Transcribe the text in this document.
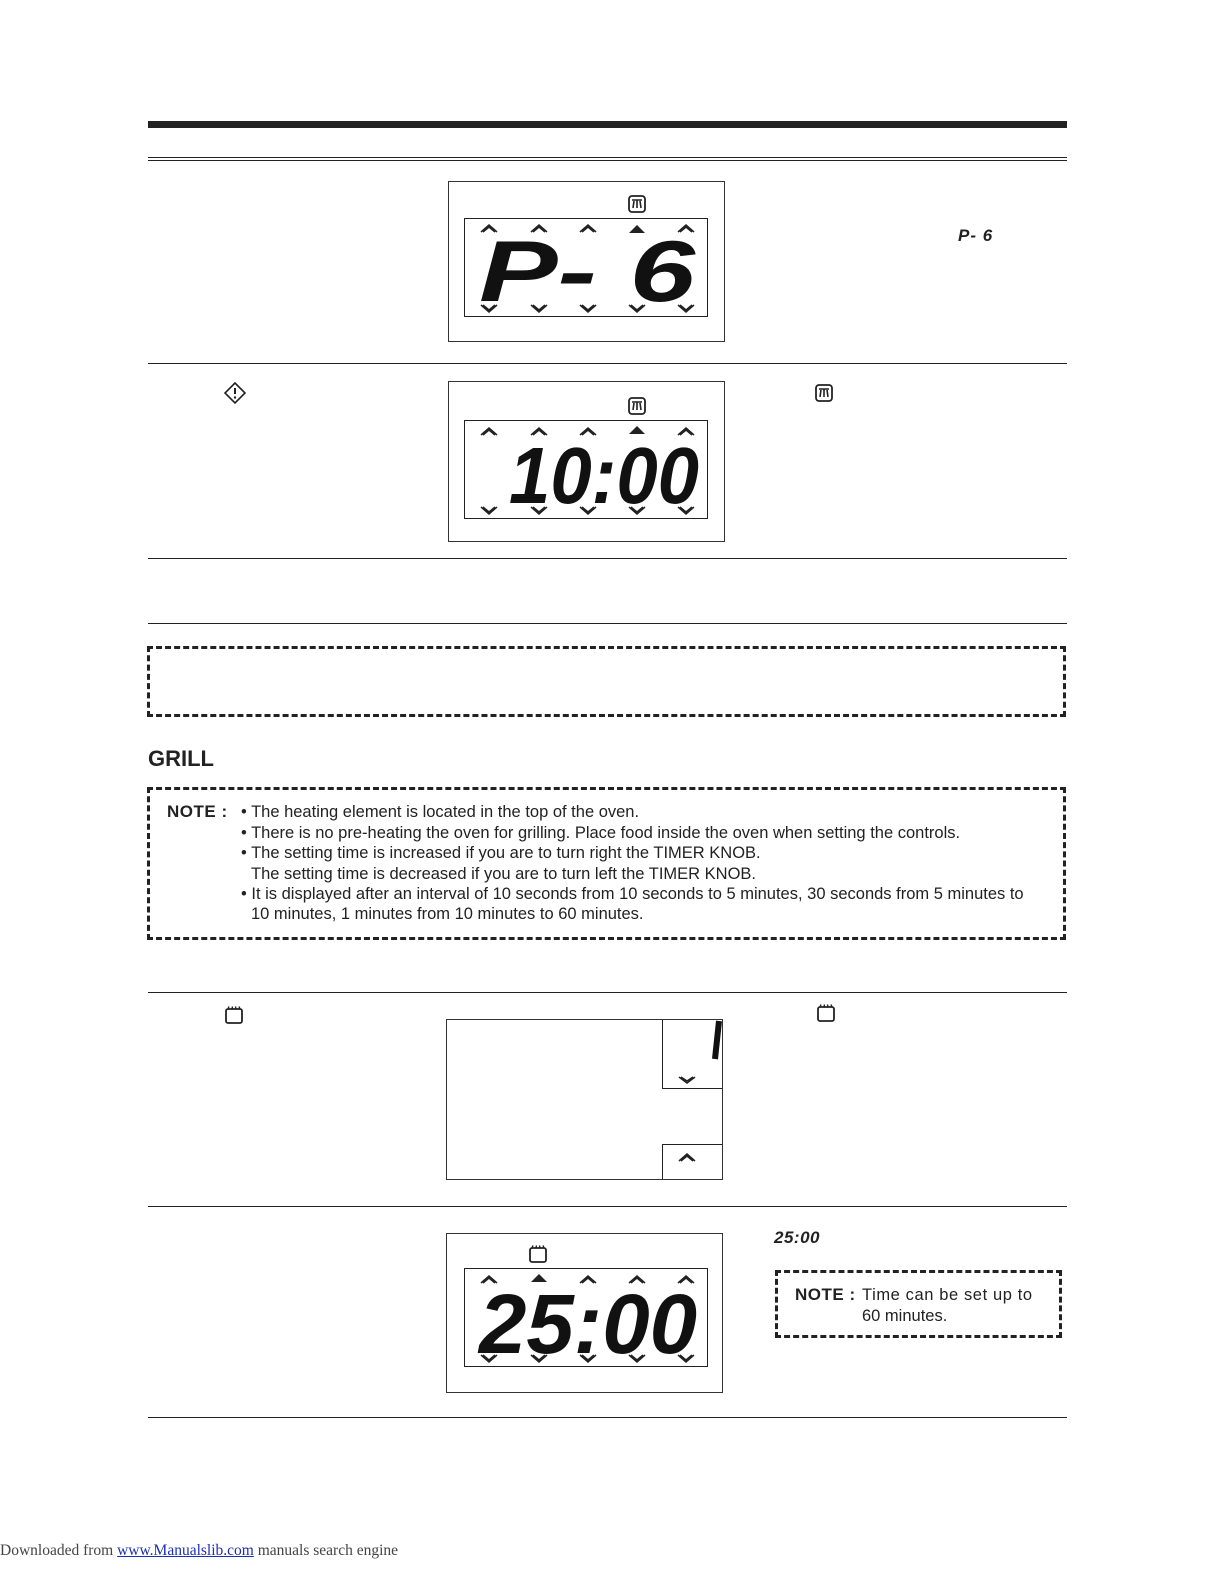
P- 6	P- 6
10:00
GRILL
NOTE : • The heating element is located in the top of the oven.
• There is no pre-heating the oven for grilling. Place food inside the oven when setting the controls.
• The setting time is increased if you are to turn right the TIMER KNOB.
The setting time is decreased if you are to turn left the TIMER KNOB.
• It is displayed after an interval of 10 seconds from 10 seconds to 5 minutes, 30 seconds from 5 minutes to
10 minutes, 1 minutes from 10 minutes to 60 minutes.
25:00
25:00
NOTE : Time can be set up to
60 minutes.
Downloaded from www.Manualslib.com manuals search engine
